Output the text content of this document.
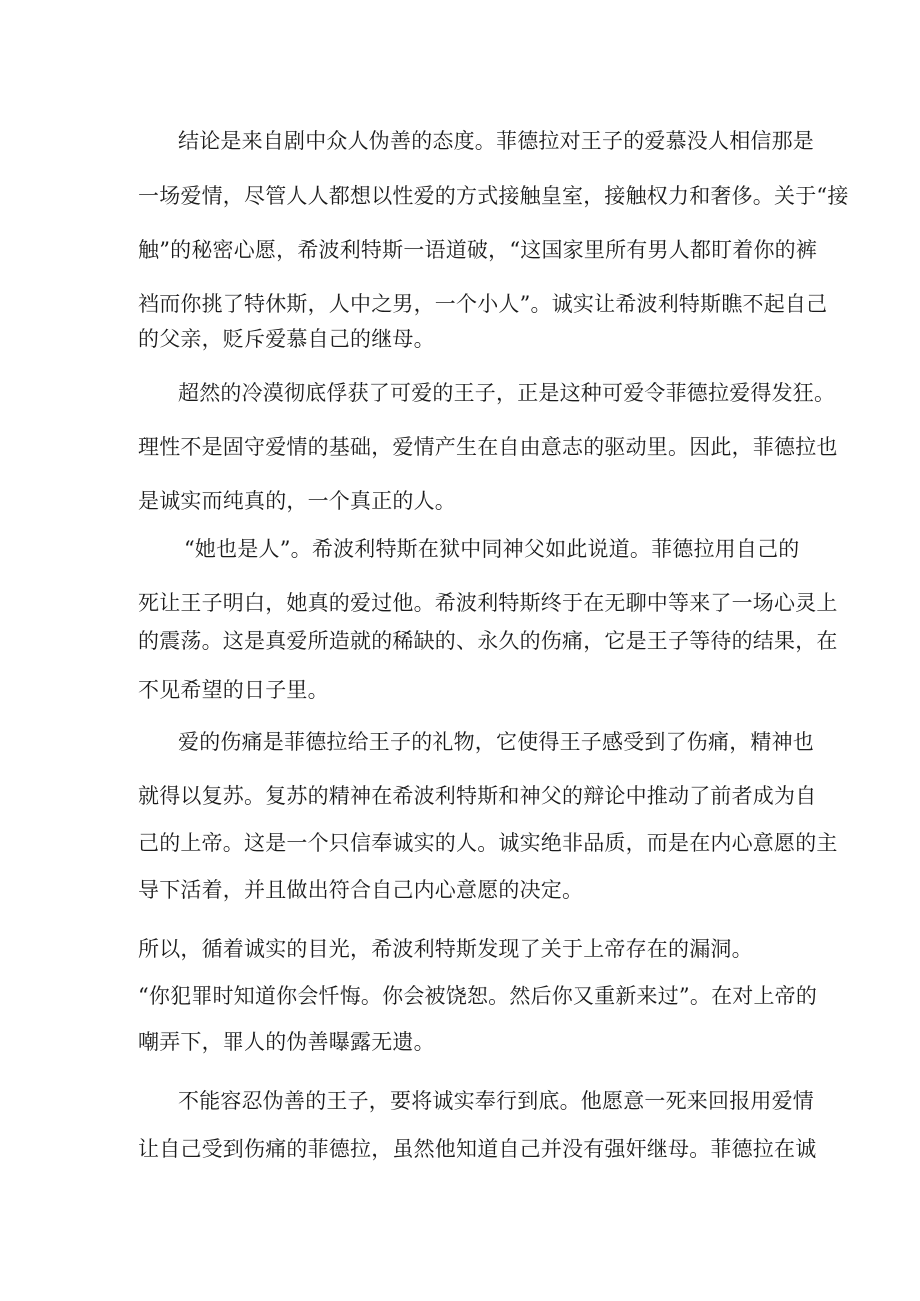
结论是来自剧中众人伪善的态度。菲德拉对王子的爱慕没人相信那是
一场爱情，尽管人人都想以性爱的方式接触皇室，接触权力和奢侈。关于“接
触”的秘密心愿，希波利特斯一语道破，“这国家里所有男人都盯着你的裤
裆而你挑了特休斯，人中之男，一个小人”。诚实让希波利特斯瞧不起自己
的父亲，贬斥爱慕自己的继母。
超然的冷漠彻底俘获了可爱的王子，正是这种可爱令菲德拉爱得发狂。
理性不是固守爱情的基础，爱情产生在自由意志的驱动里。因此，菲德拉也
是诚实而纯真的，一个真正的人。
“她也是人”。希波利特斯在狱中同神父如此说道。菲德拉用自己的
死让王子明白，她真的爱过他。希波利特斯终于在无聊中等来了一场心灵上
的震荡。这是真爱所造就的稀缺的、永久的伤痛，它是王子等待的结果，在
不见希望的日子里。
爱的伤痛是菲德拉给王子的礼物，它使得王子感受到了伤痛，精神也
就得以复苏。复苏的精神在希波利特斯和神父的辩论中推动了前者成为自
己的上帝。这是一个只信奉诚实的人。诚实绝非品质，而是在内心意愿的主
导下活着，并且做出符合自己内心意愿的决定。
所以，循着诚实的目光，希波利特斯发现了关于上帝存在的漏洞。
“你犯罪时知道你会忏悔。你会被饶恕。然后你又重新来过”。在对上帝的
嘲弄下，罪人的伪善曝露无遗。
不能容忍伪善的王子，要将诚实奉行到底。他愿意一死来回报用爱情
让自己受到伤痛的菲德拉，虽然他知道自己并没有强奸继母。菲德拉在诚
